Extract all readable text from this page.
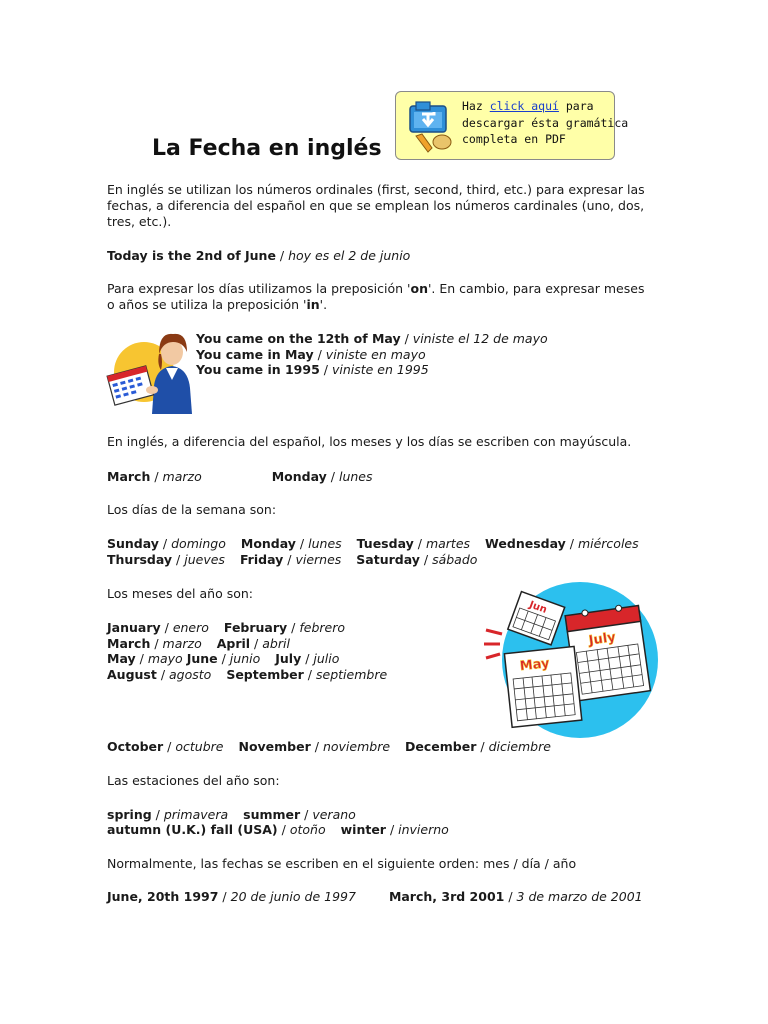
La Fecha en inglés
Haz click aquí para
descargar ésta gramática
completa en PDF
En inglés se utilizan los números ordinales (first, second, third, etc.) para expresar las fechas, a diferencia del español en que se emplean los números cardinales (uno, dos, tres, etc.).
Today is the 2nd of June / hoy es el 2 de junio
Para expresar los días utilizamos la preposición 'on'. En cambio, para expresar meses
o años se utiliza la preposición 'in'.
You came on the 12th of May / viniste el 12 de mayo
You came in May / viniste en mayo
You came in 1995 / viniste en 1995
En inglés, a diferencia del español, los meses y los días se escriben con mayúscula.
March / marzo	Monday / lunes
Los días de la semana son:
Sunday / domingo Monday / lunes Tuesday / martes Wednesday / miércoles
Thursday / jueves Friday / viernes Saturday / sábado
Los meses del año son:
January / enero February / febrero
March / marzo April / abril
May / mayo June / junio July / julio
August / agosto September / septiembre
Jun
July
May
October / octubre November / noviembre December / diciembre
Las estaciones del año son:
spring / primavera summer / verano
autumn (U.K.) fall (USA) / otoño winter / invierno
Normalmente, las fechas se escriben en el siguiente orden: mes / día / año
June, 20th 1997 / 20 de junio de 1997	March, 3rd 2001 / 3 de marzo de 2001
